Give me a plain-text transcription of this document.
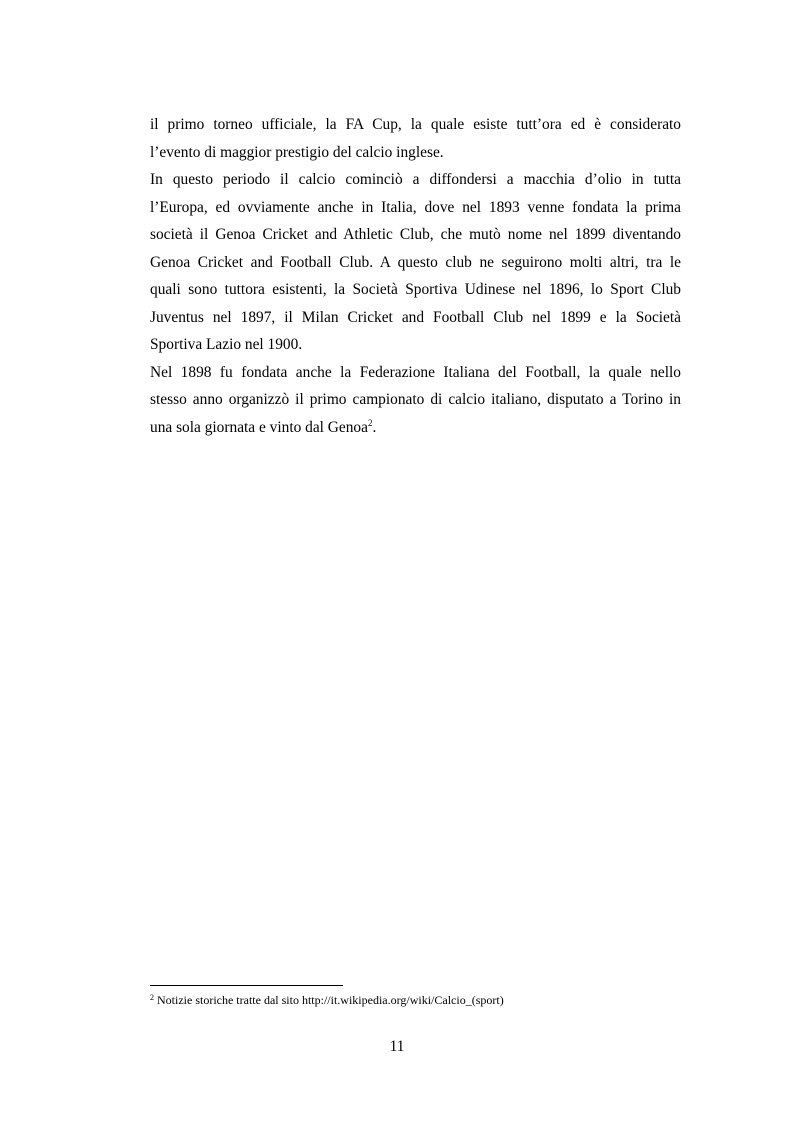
il primo torneo ufficiale, la FA Cup, la quale esiste tutt’ora ed è considerato
l’evento di maggior prestigio del calcio inglese.

In questo periodo il calcio cominciò a diffondersi a macchia d’olio in tutta
l’Europa, ed ovviamente anche in Italia, dove nel 1893 venne fondata la prima
società il Genoa Cricket and Athletic Club, che mutò nome nel 1899 diventando
Genoa Cricket and Football Club. A questo club ne seguirono molti altri, tra le
quali sono tuttora esistenti, la Società Sportiva Udinese nel 1896, lo Sport Club
Juventus nel 1897, il Milan Cricket and Football Club nel 1899 e la Società
Sportiva Lazio nel 1900.

Nel 1898 fu fondata anche la Federazione Italiana del Football, la quale nello
stesso anno organizzò il primo campionato di calcio italiano, disputato a Torino in
una sola giornata e vinto dal Genoa$^2$.

$^2$ Notizie storiche tratte dal sito http://it.wikipedia.org/wiki/Calcio_(sport)
11
